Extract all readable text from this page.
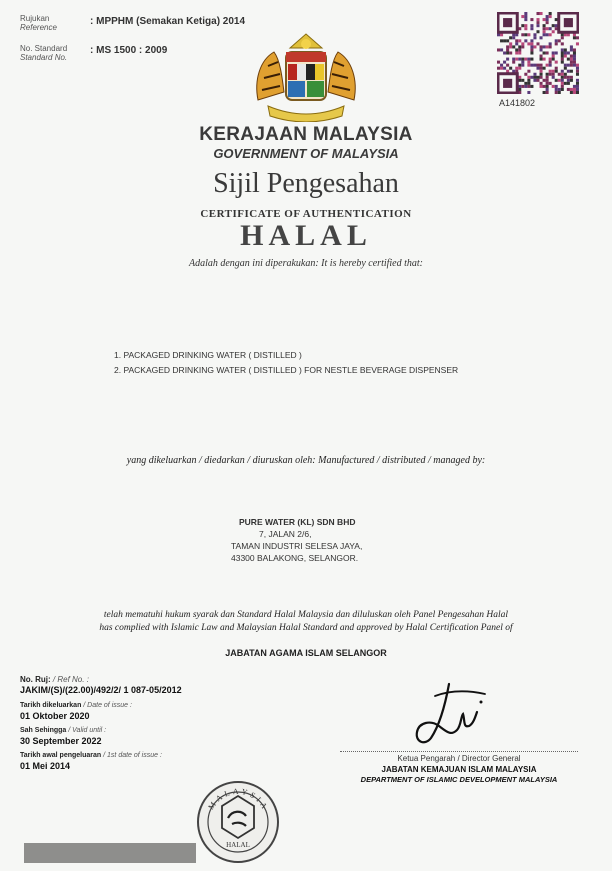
Rujukan
Reference
: MPPHM (Semakan Ketiga) 2014
No. Standard
Standard No.
: MS 1500 : 2009
A141802
KERAJAAN MALAYSIA
GOVERNMENT OF MALAYSIA
Sijil Pengesahan
CERTIFICATE OF AUTHENTICATION
HALAL
Adalah dengan ini diperakukan: It is hereby certified that:
1. PACKAGED DRINKING WATER ( DISTILLED )
2. PACKAGED DRINKING WATER ( DISTILLED ) FOR NESTLE BEVERAGE DISPENSER
yang dikeluarkan / diedarkan / diuruskan oleh: Manufactured / distributed / managed by:
PURE WATER (KL) SDN BHD
7, JALAN 2/6,
TAMAN INDUSTRI SELESA JAYA,
43300 BALAKONG, SELANGOR.
telah mematuhi hukum syarak dan Standard Halal Malaysia dan diluluskan oleh Panel Pengesahan Halal
has complied with Islamic Law and Malaysian Halal Standard and approved by Halal Certification Panel of
JABATAN AGAMA ISLAM SELANGOR
No. Ruj: / Ref No. :
JAKIM/(S)/(22.00)/492/2/ 1 087-05/2012
Tarikh dikeluarkan / Date of issue :
01 Oktober 2020
Sah Sehingga / Valid until :
30 September 2022
Tarikh awal pengeluaran / 1st date of issue :
01 Mei 2014
Ketua Pengarah / Director General
JABATAN KEMAJUAN ISLAM MALAYSIA
DEPARTMENT OF ISLAMIC DEVELOPMENT MALAYSIA
MALAYSIA
HALAL
